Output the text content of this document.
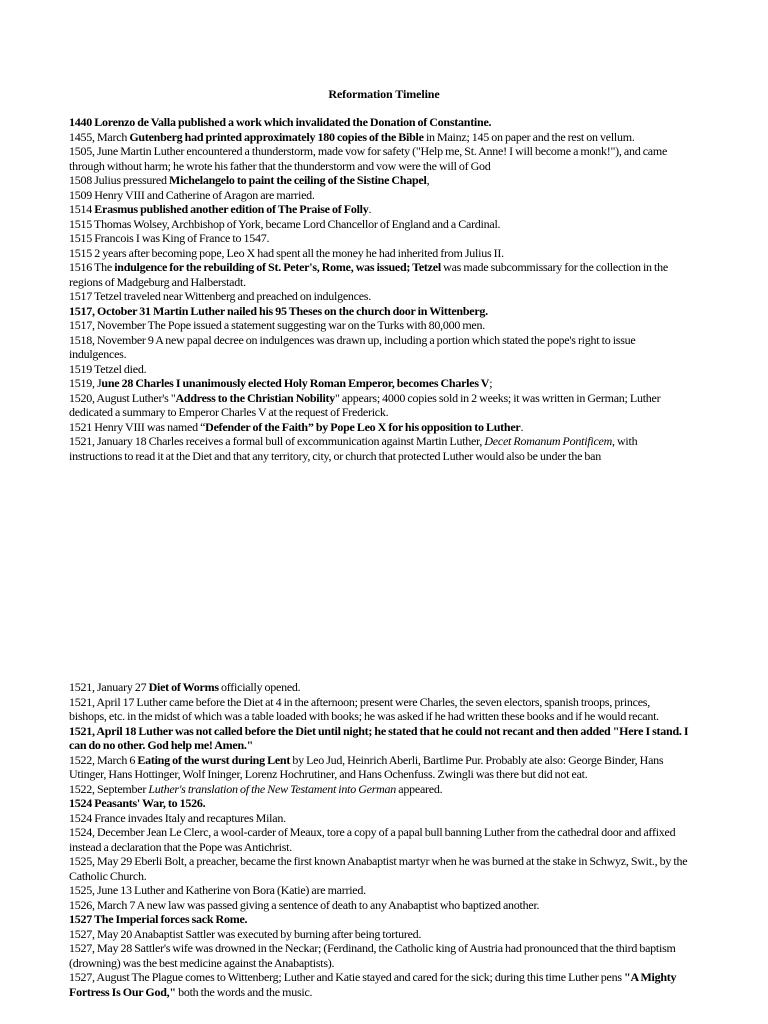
Reformation Timeline

1440 Lorenzo de Valla published a work which invalidated the Donation of Constantine.

1455, March Gutenberg had printed approximately 180 copies of the Bible in Mainz; 145 on paper and the rest on vellum.

1505, June Martin Luther encountered a thunderstorm, made vow for safety ("Help me, St. Anne! I will become a monk!"), and came through without harm; he wrote his father that the thunderstorm and vow were the will of God

1508 Julius pressured Michelangelo to paint the ceiling of the Sistine Chapel,

1509 Henry VIII and Catherine of Aragon are married.

1514 Erasmus published another edition of The Praise of Folly.

1515 Thomas Wolsey, Archbishop of York, became Lord Chancellor of England and a Cardinal.

1515 Francois I was King of France to 1547.

1515 2 years after becoming pope, Leo X had spent all the money he had inherited from Julius II.

1516 The indulgence for the rebuilding of St. Peter's, Rome, was issued; Tetzel was made subcommissary for the collection in the regions of Madgeburg and Halberstadt.

1517 Tetzel traveled near Wittenberg and preached on indulgences.

1517, October 31 Martin Luther nailed his 95 Theses on the church door in Wittenberg.

1517, November The Pope issued a statement suggesting war on the Turks with 80,000 men.

1518, November 9 A new papal decree on indulgences was drawn up, including a portion which stated the pope's right to issue indulgences.

1519 Tetzel died.

1519, June 28 Charles I unanimously elected Holy Roman Emperor, becomes Charles V;

1520, August Luther's "Address to the Christian Nobility" appears; 4000 copies sold in 2 weeks; it was written in German; Luther dedicated a summary to Emperor Charles V at the request of Frederick.

1521 Henry VIII was named “Defender of the Faith” by Pope Leo X for his opposition to Luther.

1521, January 18 Charles receives a formal bull of excommunication against Martin Luther, Decet Romanum Pontificem, with instructions to read it at the Diet and that any territory, city, or church that protected Luther would also be under the ban

1521, January 27 Diet of Worms officially opened.

1521, April 17 Luther came before the Diet at 4 in the afternoon; present were Charles, the seven electors, spanish troops, princes, bishops, etc. in the midst of which was a table loaded with books; he was asked if he had written these books and if he would recant.

1521, April 18 Luther was not called before the Diet until night; he stated that he could not recant and then added "Here I stand. I can do no other. God help me! Amen."

1522, March 6 Eating of the wurst during Lent by Leo Jud, Heinrich Aberli, Bartlime Pur. Probably ate also: George Binder, Hans Utinger, Hans Hottinger, Wolf Ininger, Lorenz Hochrutiner, and Hans Ochenfuss. Zwingli was there but did not eat.

1522, September Luther's translation of the New Testament into German appeared.

1524 Peasants' War, to 1526.

1524 France invades Italy and recaptures Milan.

1524, December Jean Le Clerc, a wool-carder of Meaux, tore a copy of a papal bull banning Luther from the cathedral door and affixed instead a declaration that the Pope was Antichrist.

1525, May 29 Eberli Bolt, a preacher, became the first known Anabaptist martyr when he was burned at the stake in Schwyz, Swit., by the Catholic Church.

1525, June 13 Luther and Katherine von Bora (Katie) are married.

1526, March 7 A new law was passed giving a sentence of death to any Anabaptist who baptized another.

1527 The Imperial forces sack Rome.

1527, May 20 Anabaptist Sattler was executed by burning after being tortured.

1527, May 28 Sattler's wife was drowned in the Neckar; (Ferdinand, the Catholic king of Austria had pronounced that the third baptism (drowning) was the best medicine against the Anabaptists).

1527, August The Plague comes to Wittenberg; Luther and Katie stayed and cared for the sick; during this time Luther pens "A Mighty Fortress Is Our God," both the words and the music.
